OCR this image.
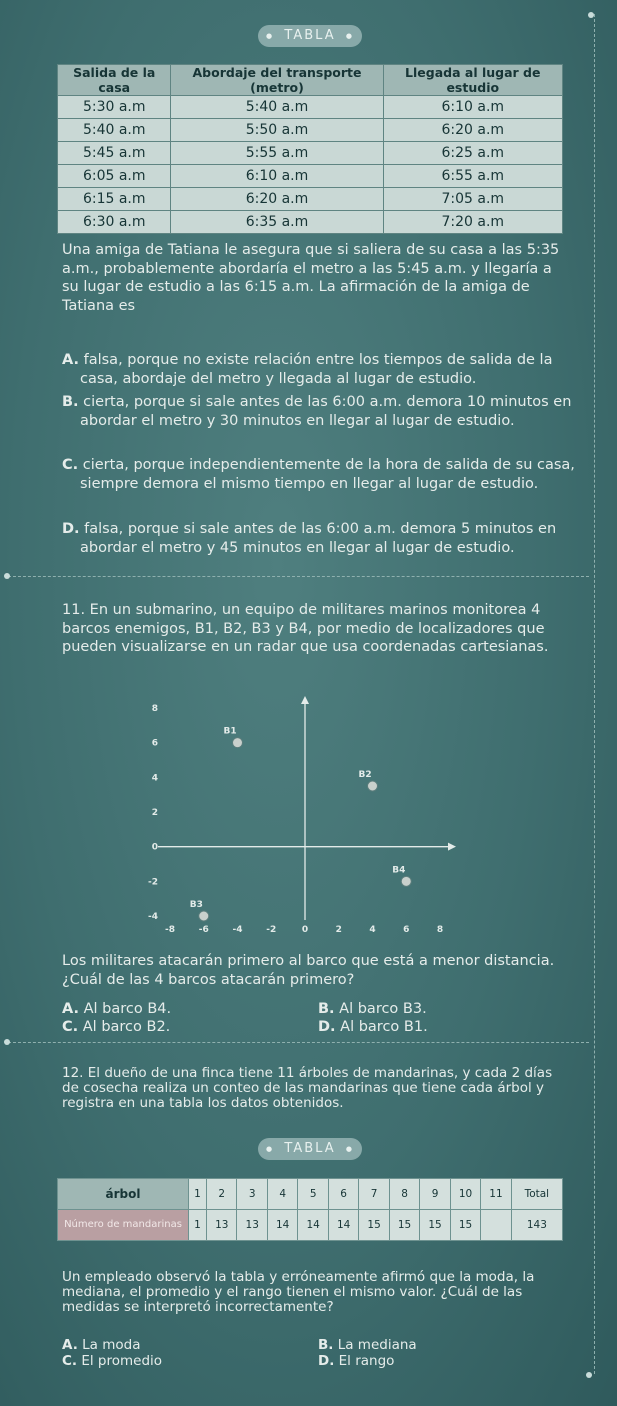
● TABLA ●
Salida de la casa	Abordaje del transporte (metro)	Llegada al lugar de estudio
5:30 a.m	5:40 a.m	6:10 a.m
5:40 a.m	5:50 a.m	6:20 a.m
5:45 a.m	5:55 a.m	6:25 a.m
6:05 a.m	6:10 a.m	6:55 a.m
6:15 a.m	6:20 a.m	7:05 a.m
6:30 a.m	6:35 a.m	7:20 a.m
Una amiga de Tatiana le asegura que si saliera de su casa a las 5:35 a.m., probablemente abordaría el metro a las 5:45 a.m. y llegaría a su lugar de estudio a las 6:15 a.m. La afirmación de la amiga de Tatiana es
A. falsa, porque no existe relación entre los tiempos de salida de la casa, abordaje del metro y llegada al lugar de estudio.
B. cierta, porque si sale antes de las 6:00 a.m. demora 10 minutos en abordar el metro y 30 minutos en llegar al lugar de estudio.
C. cierta, porque independientemente de la hora de salida de su casa, siempre demora el mismo tiempo en llegar al lugar de estudio.
D. falsa, porque si sale antes de las 6:00 a.m. demora 5 minutos en abordar el metro y 45 minutos en llegar al lugar de estudio.
11. En un submarino, un equipo de militares marinos monitorea 4 barcos enemigos, B1, B2, B3 y B4, por medio de localizadores que pueden visualizarse en un radar que usa coordenadas cartesianas.
-8	-6	-4	-2	0	2	4	6	8
8
6
4
2
0
-2
-4
B1
B2
B3
B4
Los militares atacarán primero al barco que está a menor distancia. ¿Cuál de las 4 barcos atacarán primero?
A. Al barco B4.	B. Al barco B3.
C. Al barco B2.	D. Al barco B1.
12. El dueño de una finca tiene 11 árboles de mandarinas, y cada 2 días de cosecha realiza un conteo de las mandarinas que tiene cada árbol y registra en una tabla los datos obtenidos.
● TABLA ●
árbol	1	2	3	4	5	6	7	8	9	10	11	Total
Número de mandarinas	1	13	13	14	14	14	15	15	15	15		143
Un empleado observó la tabla y erróneamente afirmó que la moda, la mediana, el promedio y el rango tienen el mismo valor. ¿Cuál de las medidas se interpretó incorrectamente?
A. La moda	B. La mediana
C. El promedio	D. El rango
